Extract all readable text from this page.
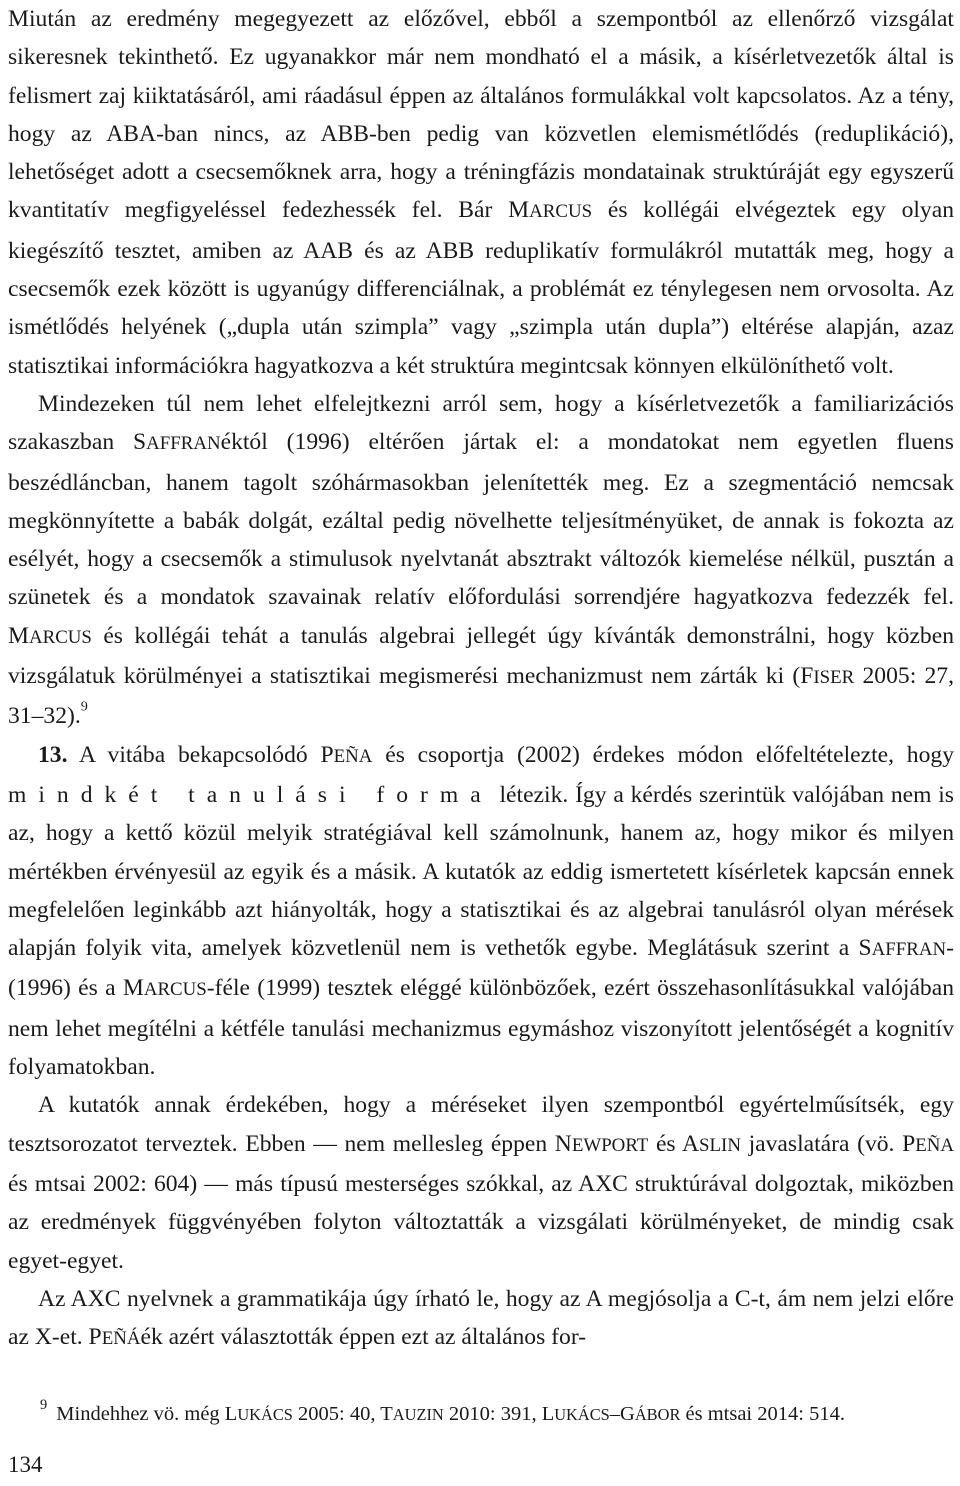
Miután az eredmény megegyezett az előzővel, ebből a szempontból az ellenőrző vizsgálat sikeresnek tekinthető. Ez ugyanakkor már nem mondható el a másik, a kísérletvezetők által is felismert zaj kiiktatásáról, ami ráadásul éppen az általános formulákkal volt kapcsolatos. Az a tény, hogy az ABA-ban nincs, az ABB-ben pedig van közvetlen elemismétlődés (reduplikáció), lehetőséget adott a csecsemőknek arra, hogy a tréningfázis mondatainak struktúráját egy egyszerű kvantitatív megfigyeléssel fedezhessék fel. Bár MARCUS és kollégái elvégeztek egy olyan kiegészítő tesztet, amiben az AAB és az ABB reduplikatív formulákról mutatták meg, hogy a csecsemők ezek között is ugyanúgy differenciálnak, a problémát ez ténylegesen nem orvosolta. Az ismétlődés helyének („dupla után szimpla” vagy „szimpla után dupla”) eltérése alapján, azaz statisztikai információkra hagyatkozva a két struktúra megintcsak könnyen elkülöníthető volt.

Mindezeken túl nem lehet elfelejtkezni arról sem, hogy a kísérletvezetők a familiarizációs szakaszban SAFFRANéktól (1996) eltérően jártak el: a mondatokat nem egyetlen fluens beszédláncban, hanem tagolt szóhármasokban jelenítették meg. Ez a szegmentáció nemcsak megkönnyítette a babák dolgát, ezáltal pedig növelhette teljesítményüket, de annak is fokozta az esélyét, hogy a csecsemők a stimulusok nyelvtanát absztrakt változók kiemelése nélkül, pusztán a szünetek és a mondatok szavainak relatív előfordulási sorrendjére hagyatkozva fedezzék fel. MARCUS és kollégái tehát a tanulás algebrai jellegét úgy kívánták demonstrálni, hogy közben vizsgálatuk körülményei a statisztikai megismerési mechanizmust nem zárták ki (FISER 2005: 27, 31–32).$^9$

13. A vitába bekapcsolódó PEÑA és csoportja (2002) érdekes módon előfeltételezte, hogy mindkét tanulási forma létezik. Így a kérdés szerintük valójában nem is az, hogy a kettő közül melyik stratégiával kell számolnunk, hanem az, hogy mikor és milyen mértékben érvényesül az egyik és a másik. A kutatók az eddig ismertetett kísérletek kapcsán ennek megfelelően leginkább azt hiányolták, hogy a statisztikai és az algebrai tanulásról olyan mérések alapján folyik vita, amelyek közvetlenül nem is vethetők egybe. Meglátásuk szerint a SAFFRAN- (1996) és a MARCUS-féle (1999) tesztek eléggé különbözőek, ezért összehasonlításukkal valójában nem lehet megítélni a kétféle tanulási mechanizmus egymáshoz viszonyított jelentőségét a kognitív folyamatokban.

A kutatók annak érdekében, hogy a méréseket ilyen szempontból egyértelműsítsék, egy tesztsorozatot terveztek. Ebben — nem mellesleg éppen NEWPORT és ASLIN javaslatára (vö. PEÑA és mtsai 2002: 604) — más típusú mesterséges szókkal, az AXC struktúrával dolgoztak, miközben az eredmények függvényében folyton változtatták a vizsgálati körülményeket, de mindig csak egyet-egyet.

Az AXC nyelvnek a grammatikája úgy írható le, hogy az A megjósolja a C-t, ám nem jelzi előre az X-et. PEÑÁék azért választották éppen ezt az általános for-

$^9$ Mindehhez vö. még LUKÁCS 2005: 40, TAUZIN 2010: 391, LUKÁCS–GÁBOR és mtsai 2014: 514.
134
